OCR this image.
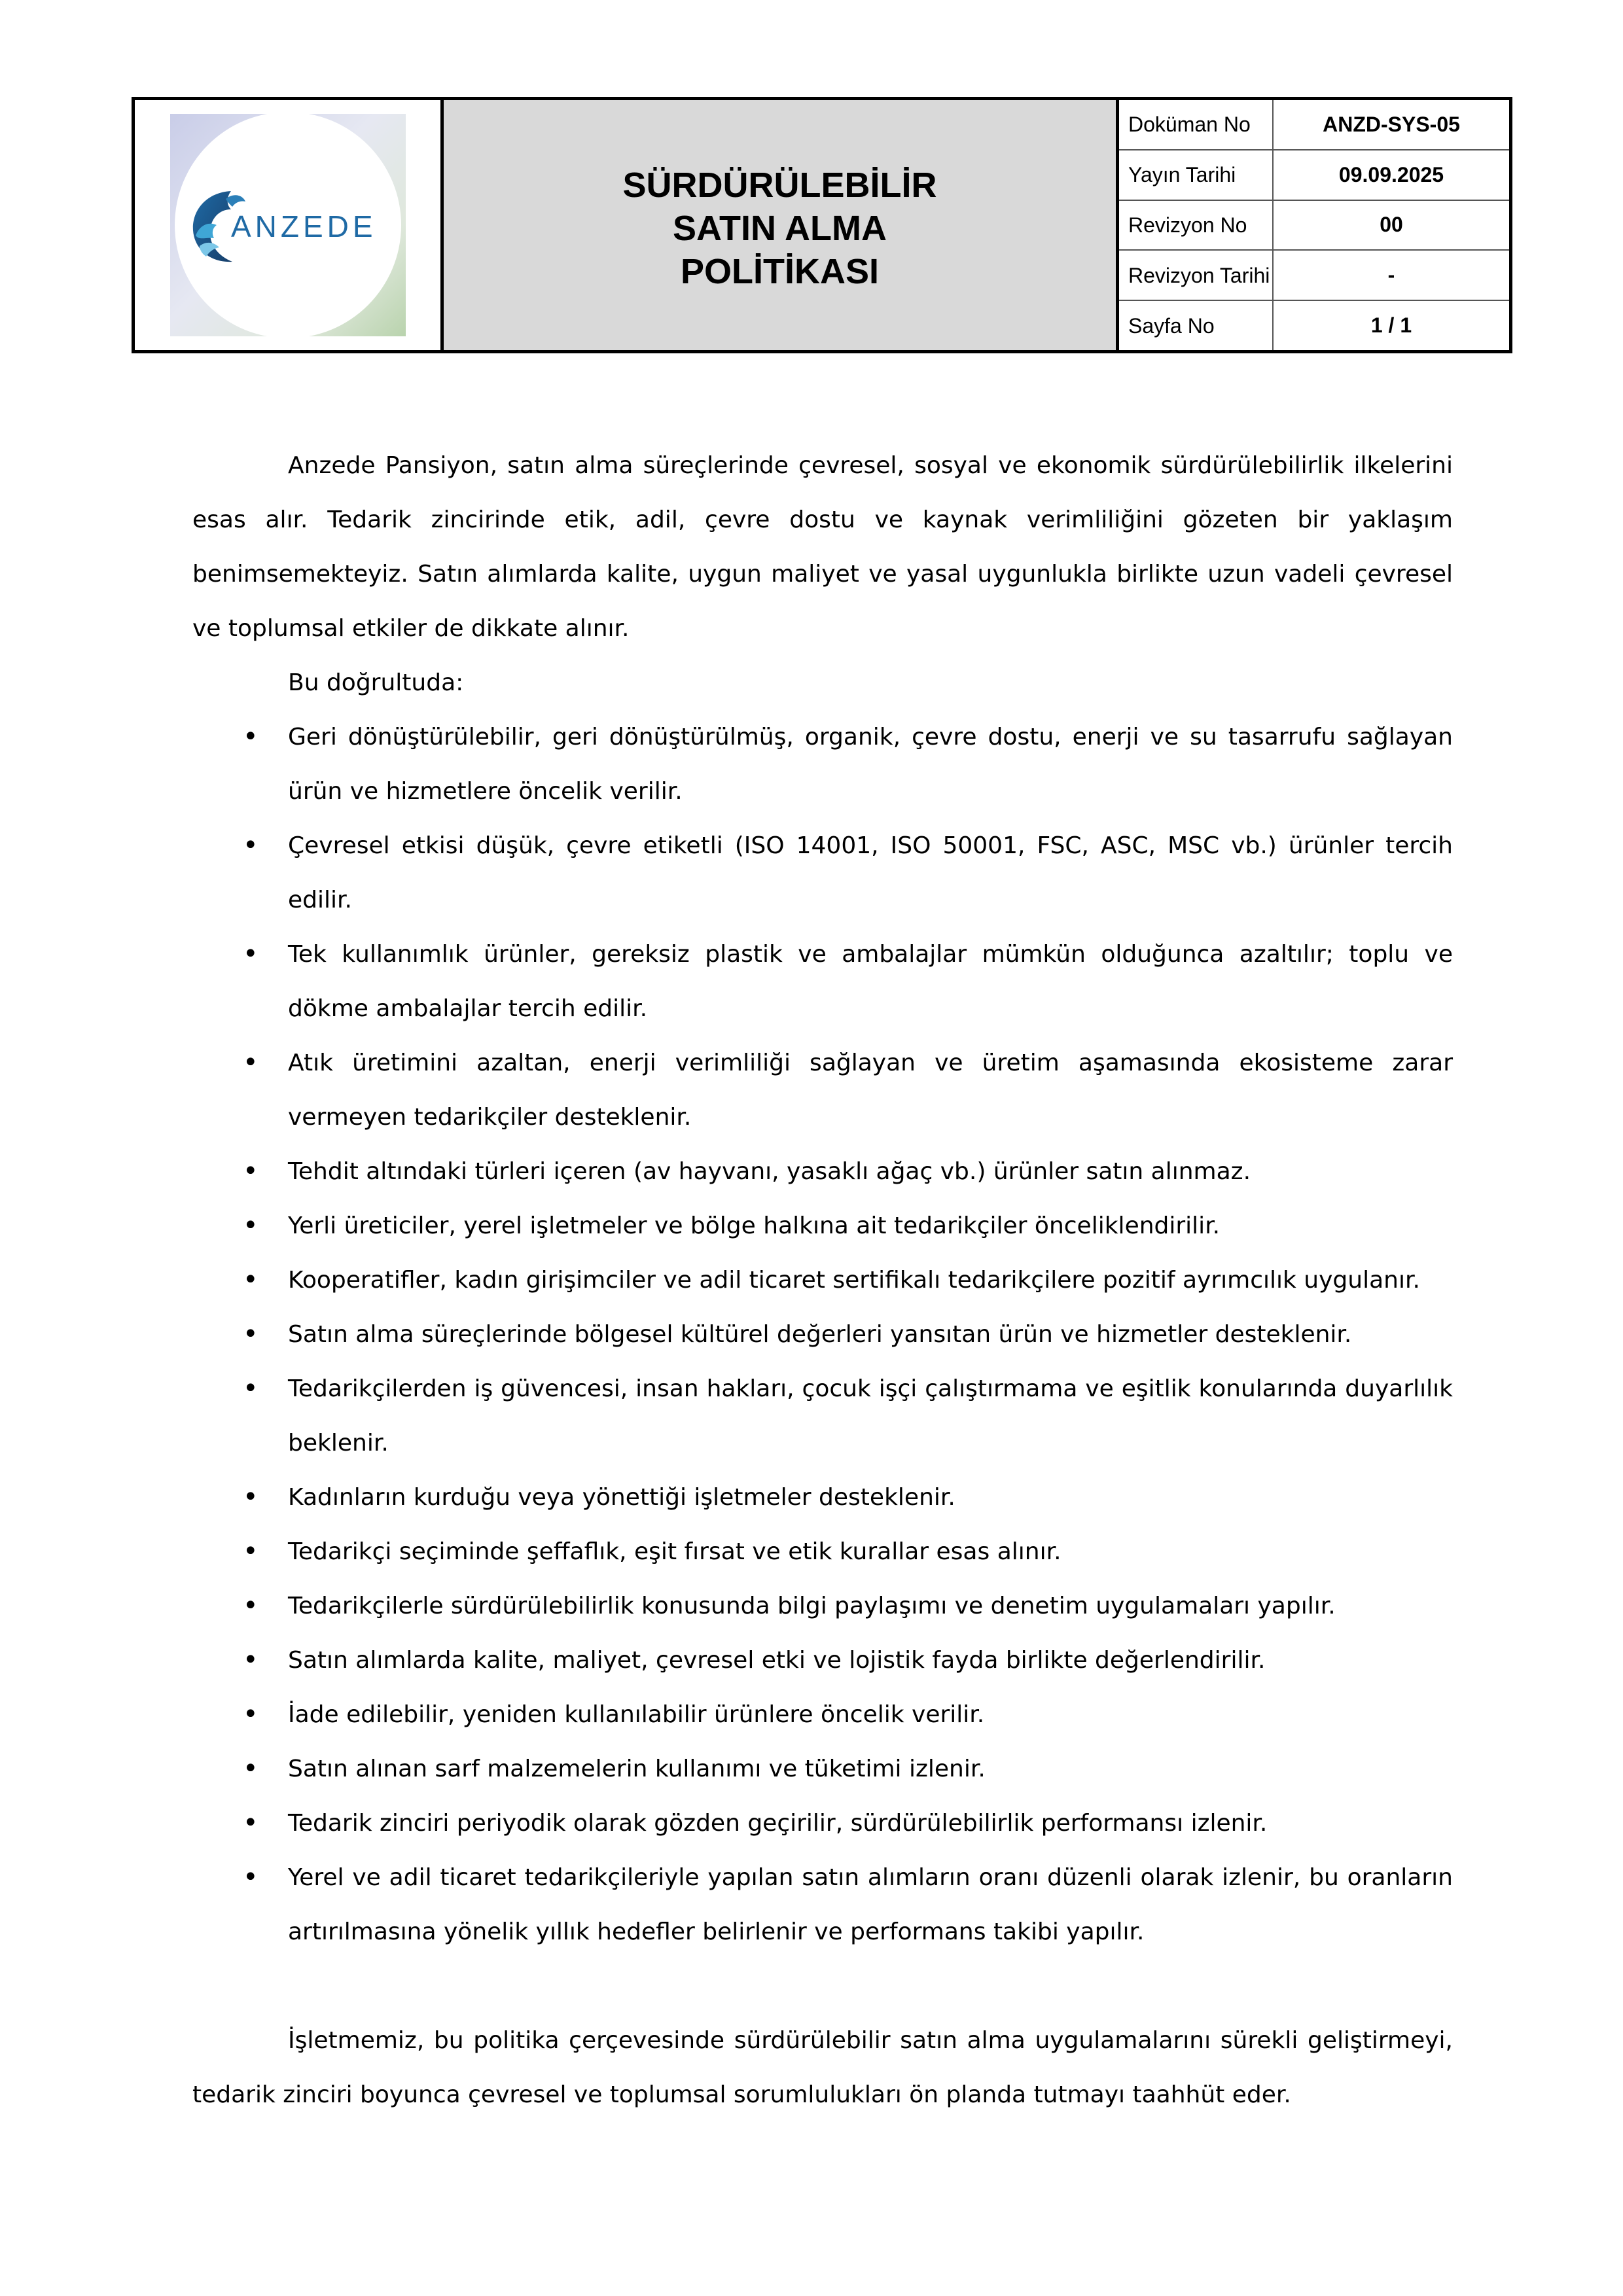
ANZEDE
SÜRDÜRÜLEBİLİR SATIN ALMA POLİTİKASI
Doküman No	ANZD-SYS-05
Yayın Tarihi	09.09.2025
Revizyon No	00
Revizyon Tarihi	-
Sayfa No	1 / 1

Anzede Pansiyon, satın alma süreçlerinde çevresel, sosyal ve ekonomik sürdürülebilirlik ilkelerini esas alır. Tedarik zincirinde etik, adil, çevre dostu ve kaynak verimliliğini gözeten bir yaklaşım benimsemekteyiz. Satın alımlarda kalite, uygun maliyet ve yasal uygunlukla birlikte uzun vadeli çevresel ve toplumsal etkiler de dikkate alınır.

Bu doğrultuda:

• Geri dönüştürülebilir, geri dönüştürülmüş, organik, çevre dostu, enerji ve su tasarrufu sağlayan ürün ve hizmetlere öncelik verilir.
• Çevresel etkisi düşük, çevre etiketli (ISO 14001, ISO 50001, FSC, ASC, MSC vb.) ürünler tercih edilir.
• Tek kullanımlık ürünler, gereksiz plastik ve ambalajlar mümkün olduğunca azaltılır; toplu ve dökme ambalajlar tercih edilir.
• Atık üretimini azaltan, enerji verimliliği sağlayan ve üretim aşamasında ekosisteme zarar vermeyen tedarikçiler desteklenir.
• Tehdit altındaki türleri içeren (av hayvanı, yasaklı ağaç vb.) ürünler satın alınmaz.
• Yerli üreticiler, yerel işletmeler ve bölge halkına ait tedarikçiler önceliklendirilir.
• Kooperatifler, kadın girişimciler ve adil ticaret sertifikalı tedarikçilere pozitif ayrımcılık uygulanır.
• Satın alma süreçlerinde bölgesel kültürel değerleri yansıtan ürün ve hizmetler desteklenir.
• Tedarikçilerden iş güvencesi, insan hakları, çocuk işçi çalıştırmama ve eşitlik konularında duyarlılık beklenir.
• Kadınların kurduğu veya yönettiği işletmeler desteklenir.
• Tedarikçi seçiminde şeffaflık, eşit fırsat ve etik kurallar esas alınır.
• Tedarikçilerle sürdürülebilirlik konusunda bilgi paylaşımı ve denetim uygulamaları yapılır.
• Satın alımlarda kalite, maliyet, çevresel etki ve lojistik fayda birlikte değerlendirilir.
• İade edilebilir, yeniden kullanılabilir ürünlere öncelik verilir.
• Satın alınan sarf malzemelerin kullanımı ve tüketimi izlenir.
• Tedarik zinciri periyodik olarak gözden geçirilir, sürdürülebilirlik performansı izlenir.
• Yerel ve adil ticaret tedarikçileriyle yapılan satın alımların oranı düzenli olarak izlenir, bu oranların artırılmasına yönelik yıllık hedefler belirlenir ve performans takibi yapılır.

İşletmemiz, bu politika çerçevesinde sürdürülebilir satın alma uygulamalarını sürekli geliştirmeyi, tedarik zinciri boyunca çevresel ve toplumsal sorumlulukları ön planda tutmayı taahhüt eder.
